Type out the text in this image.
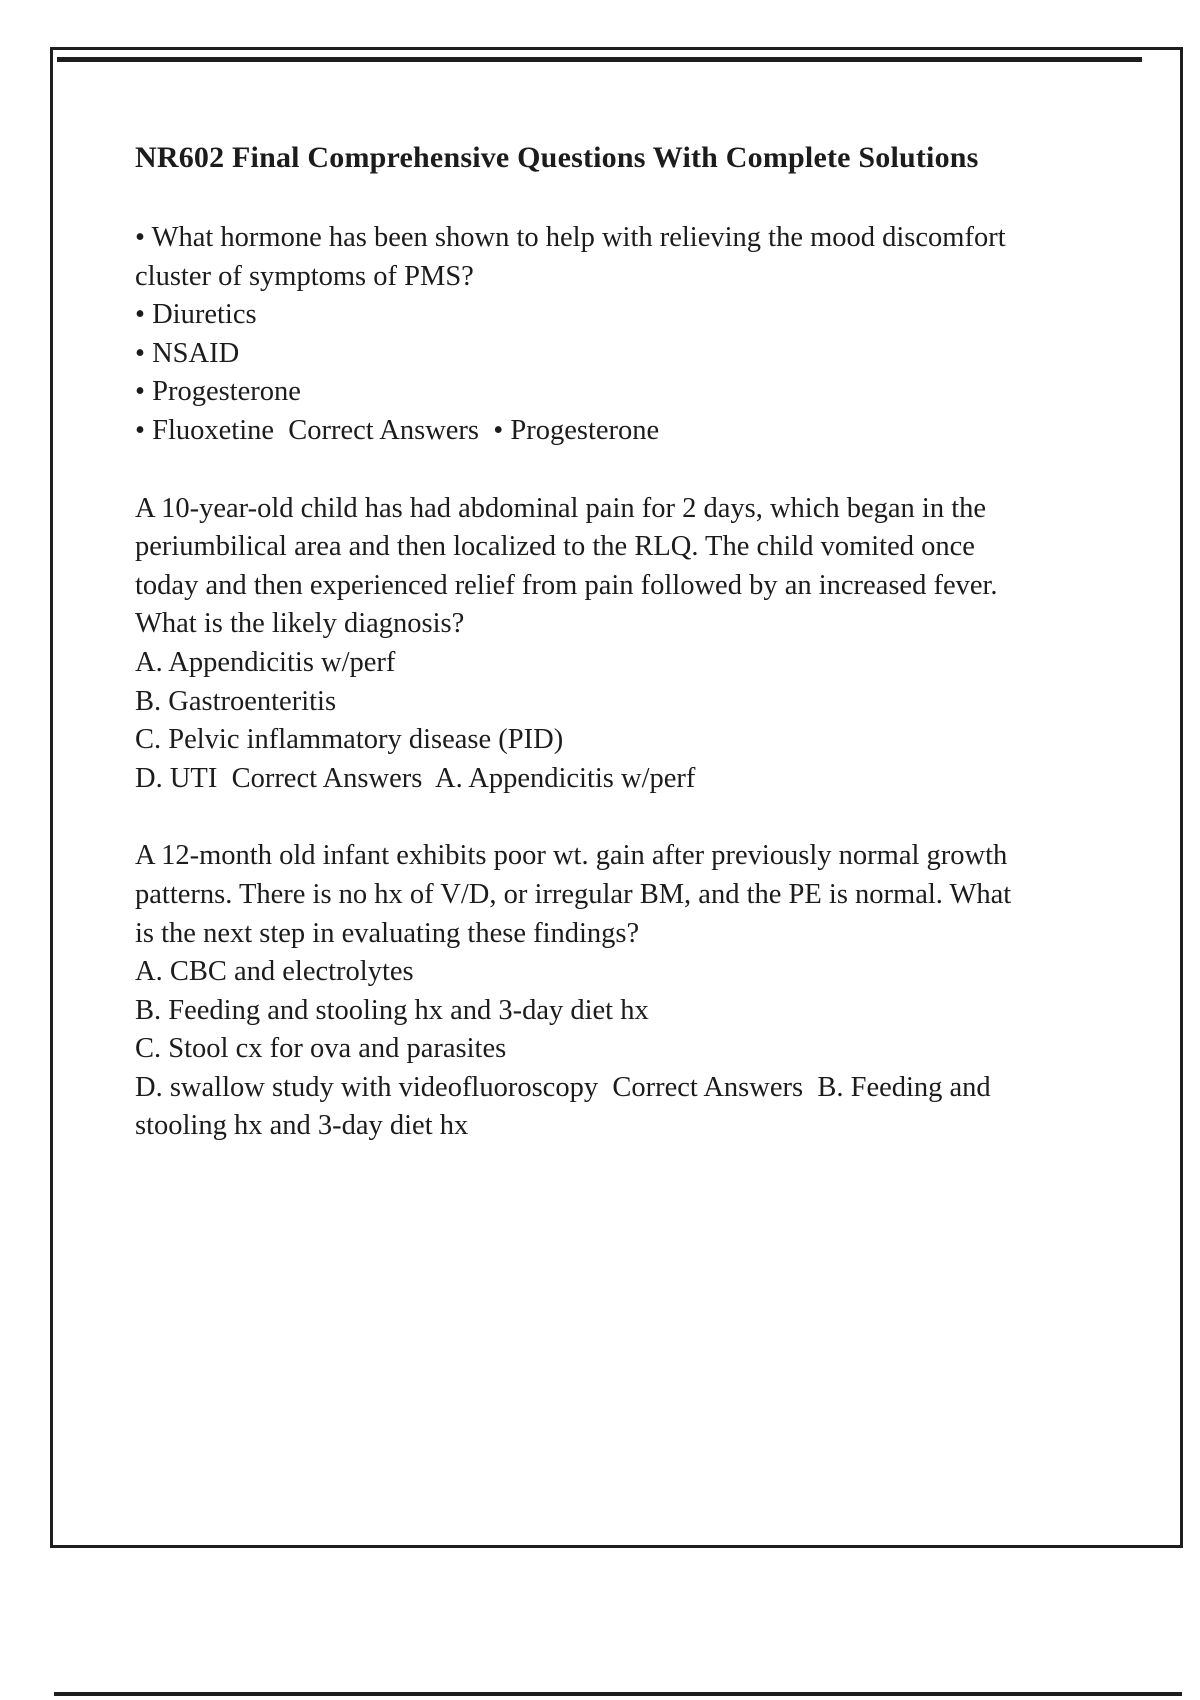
NR602 Final Comprehensive Questions With Complete Solutions

• What hormone has been shown to help with relieving the mood discomfort cluster of symptoms of PMS?

• Diuretics

• NSAID

• Progesterone

• Fluoxetine  Correct Answers  • Progesterone

A 10-year-old child has had abdominal pain for 2 days, which began in the periumbilical area and then localized to the RLQ. The child vomited once today and then experienced relief from pain followed by an increased fever. What is the likely diagnosis?

A. Appendicitis w/perf

B. Gastroenteritis

C. Pelvic inflammatory disease (PID)

D. UTI  Correct Answers  A. Appendicitis w/perf

A 12-month old infant exhibits poor wt. gain after previously normal growth patterns. There is no hx of V/D, or irregular BM, and the PE is normal. What is the next step in evaluating these findings?

A. CBC and electrolytes

B. Feeding and stooling hx and 3-day diet hx

C. Stool cx for ova and parasites

D. swallow study with videofluoroscopy  Correct Answers  B. Feeding and stooling hx and 3-day diet hx
